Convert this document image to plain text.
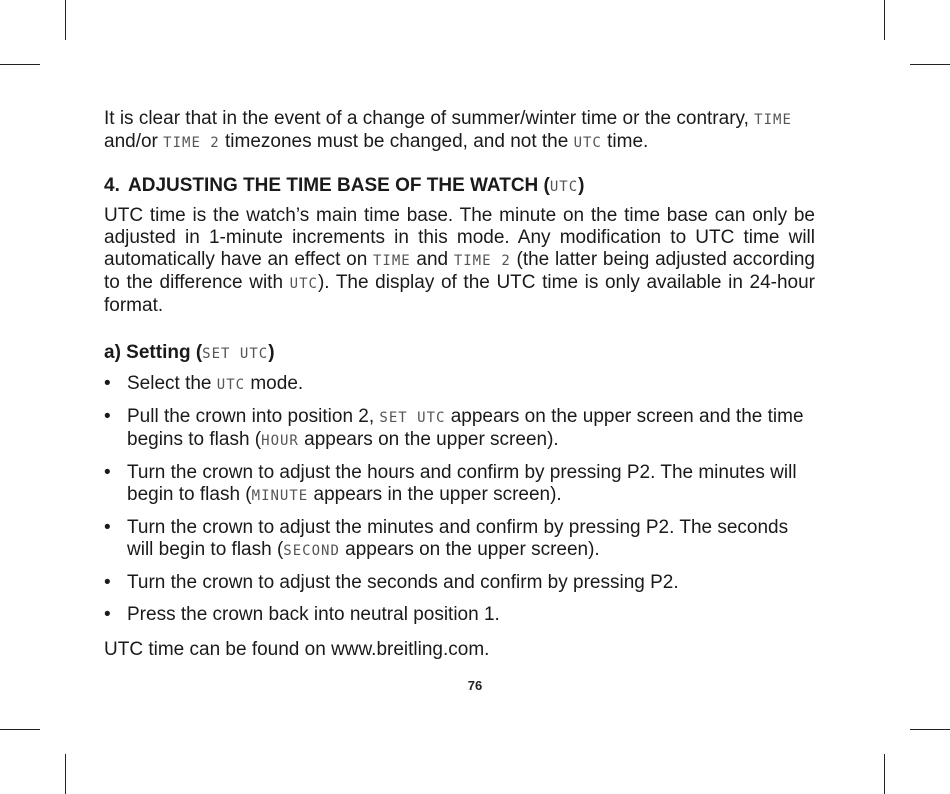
It is clear that in the event of a change of summer/winter time or the contrary, TIME
and/or TIME 2 timezones must be changed, and not the UTC time.

4. ADJUSTING THE TIME BASE OF THE WATCH (UTC)

UTC time is the watch’s main time base. The minute on the time base can only be adjusted in 1-minute increments in this mode. Any modification to UTC time will automatically have an effect on TIME and TIME 2 (the latter being adjusted according to the difference with UTC). The display of the UTC time is only available in 24-hour format.

a) Setting (SET UTC)

• Select the UTC mode.
• Pull the crown into position 2, SET UTC appears on the upper screen and the time begins to flash (HOUR appears on the upper screen).
• Turn the crown to adjust the hours and confirm by pressing P2. The minutes will begin to flash (MINUTE appears in the upper screen).
• Turn the crown to adjust the minutes and confirm by pressing P2. The seconds will begin to flash (SECOND appears on the upper screen).
• Turn the crown to adjust the seconds and confirm by pressing P2.
• Press the crown back into neutral position 1.

UTC time can be found on www.breitling.com.

76
